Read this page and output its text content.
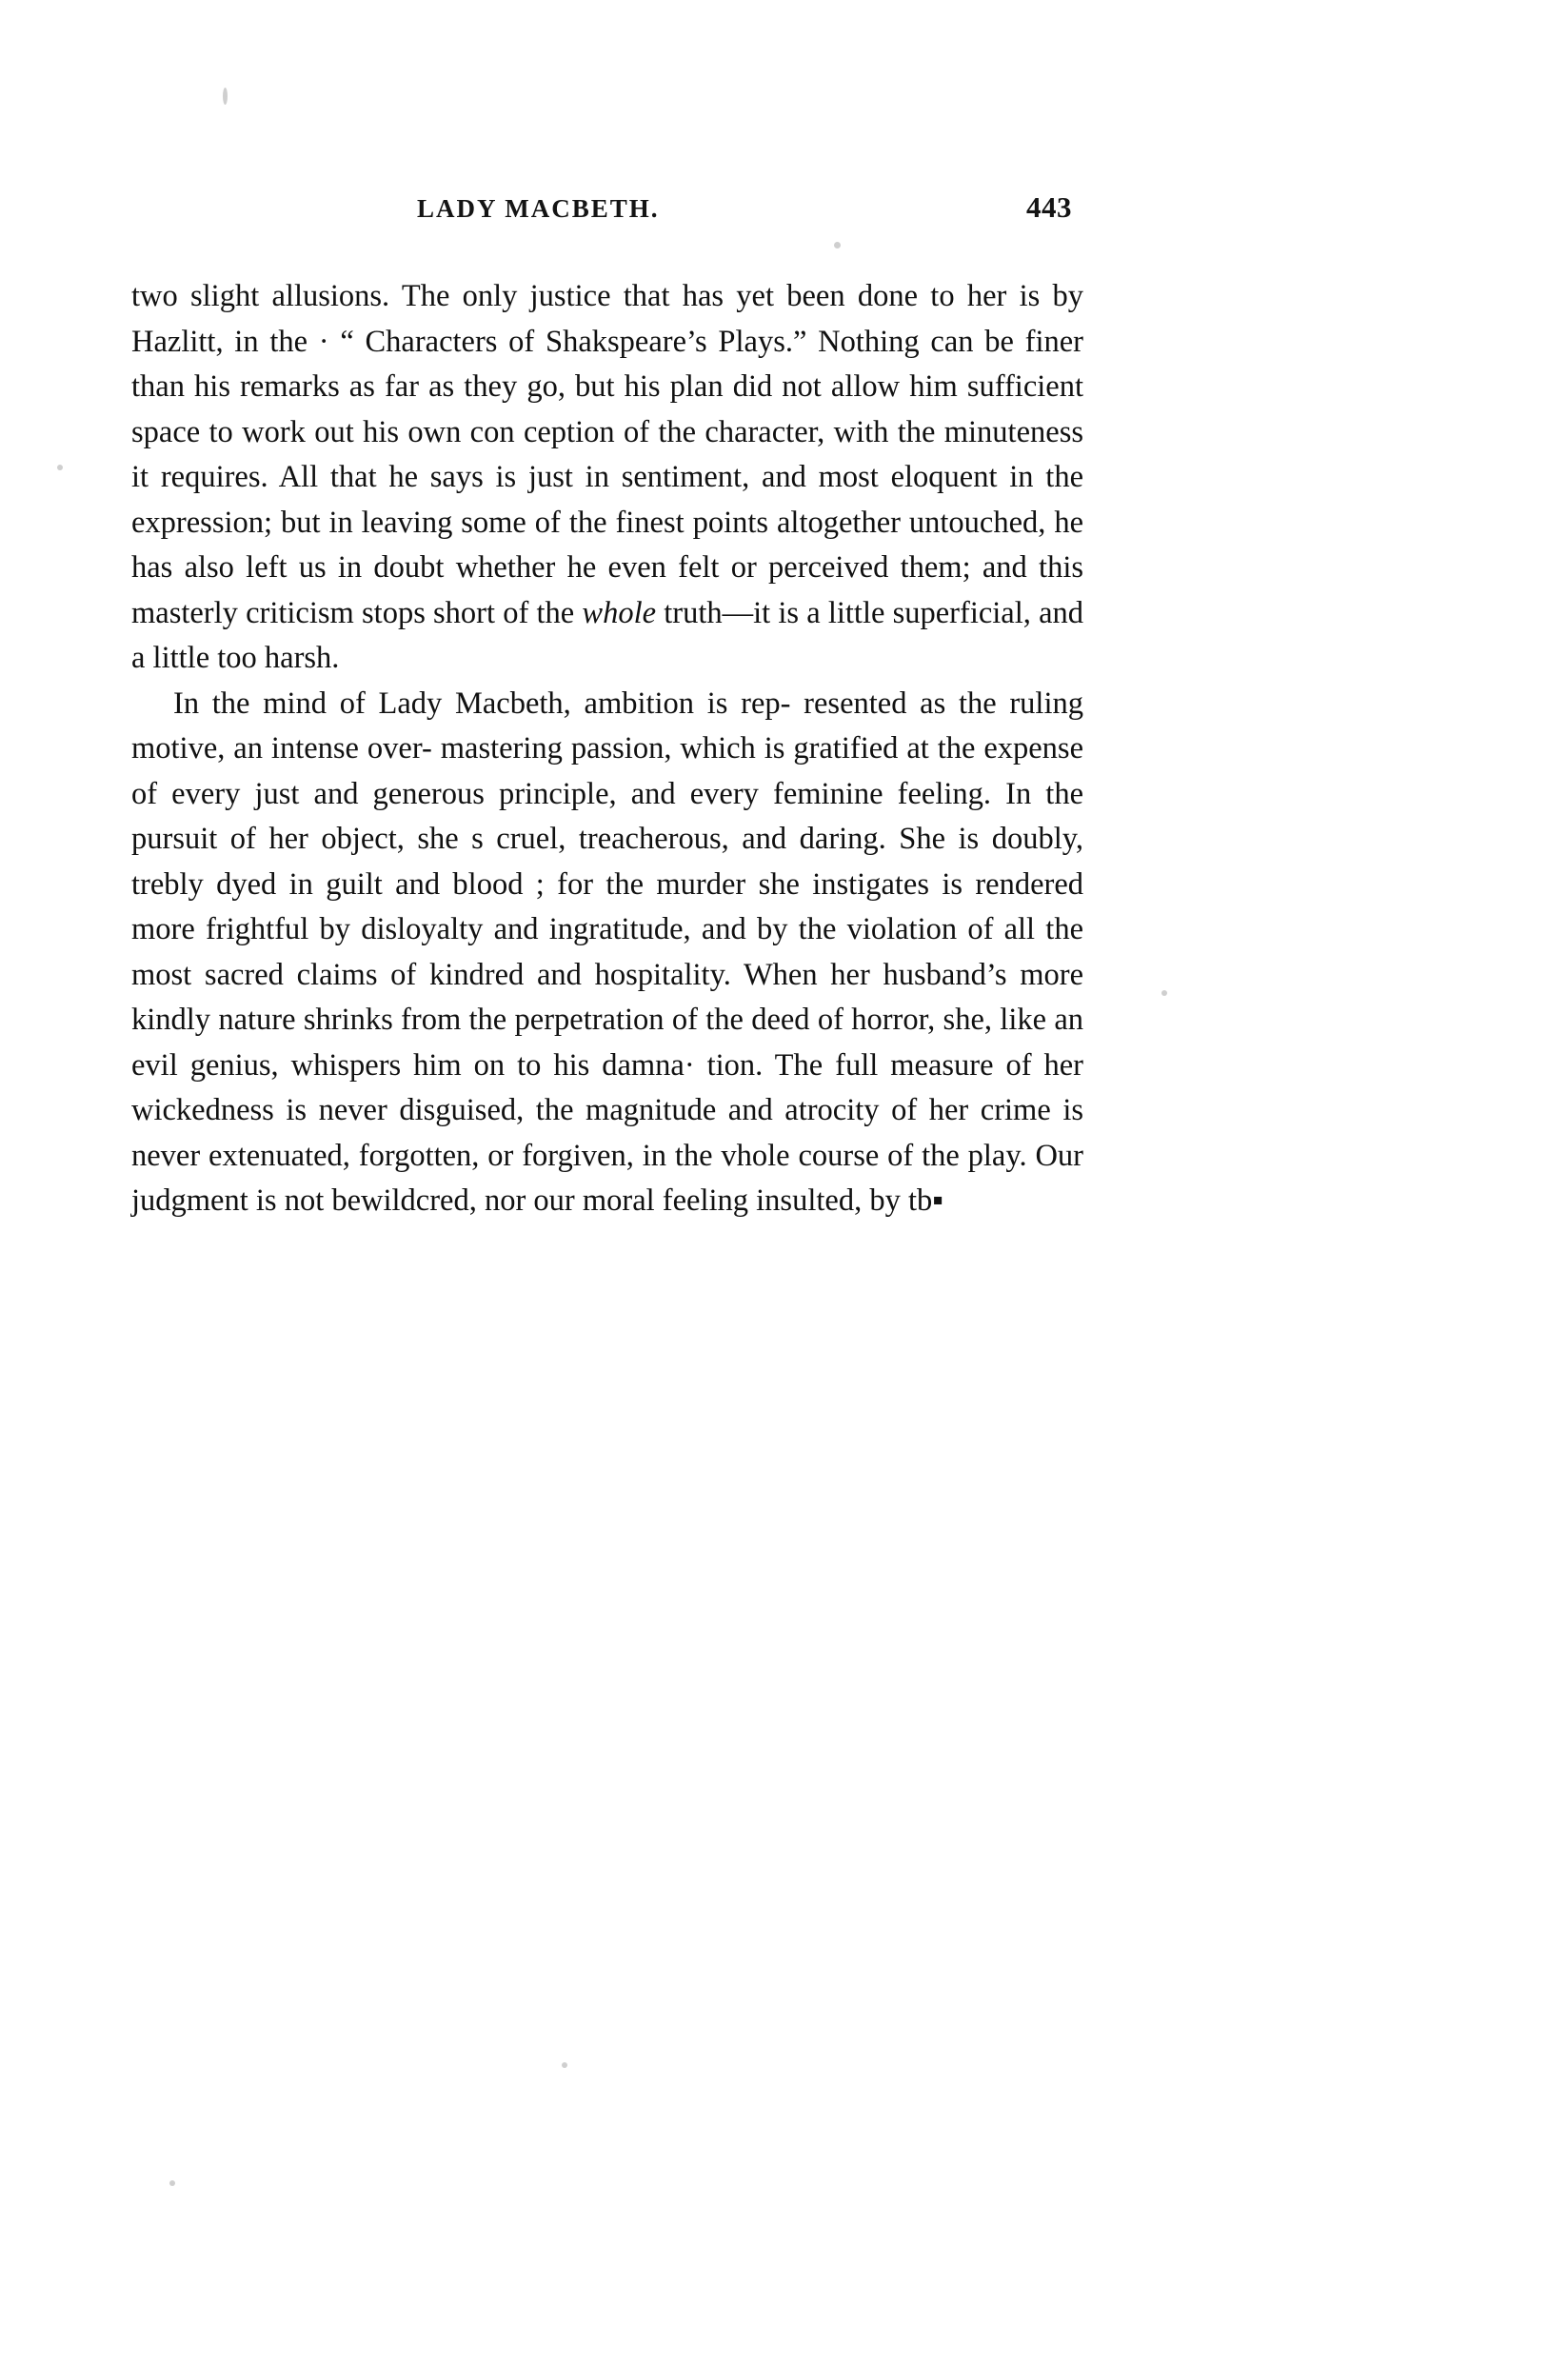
LADY MACBETH.	443

two slight allusions. The only justice that has yet been done to her is by Hazlitt, in the · “ Characters of Shakspeare’s Plays.” Nothing can be finer than his remarks as far as they go, but his plan did not allow him sufficient space to work out his own con ception of the character, with the minuteness it requires. All that he says is just in sentiment, and most eloquent in the expression; but in leaving some of the finest points altogether untouched, he has also left us in doubt whether he even felt or perceived them; and this masterly criticism stops short of the whole truth—it is a little superficial, and a little too harsh.

In the mind of Lady Macbeth, ambition is rep- resented as the ruling motive, an intense over- mastering passion, which is gratified at the expense of every just and generous principle, and every feminine feeling. In the pursuit of her object, she s cruel, treacherous, and daring. She is doubly, trebly dyed in guilt and blood ; for the murder she instigates is rendered more frightful by disloyalty and ingratitude, and by the violation of all the most sacred claims of kindred and hospitality. When her husband’s more kindly nature shrinks from the perpetration of the deed of horror, she, like an evil genius, whispers him on to his damna· tion. The full measure of her wickedness is never disguised, the magnitude and atrocity of her crime is never extenuated, forgotten, or forgiven, in the vhole course of the play. Our judgment is not bewildcred, nor our moral feeling insulted, by tb▪
